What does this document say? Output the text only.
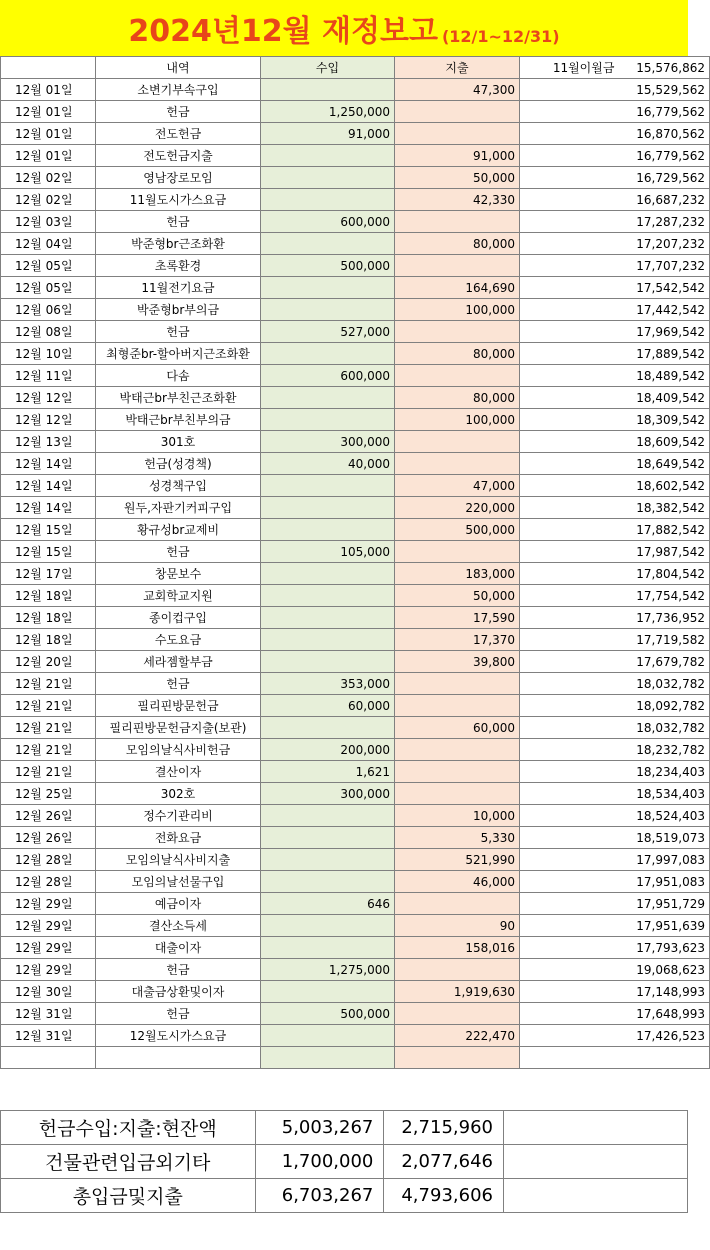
2024년12월 재정보고 (12/1~12/31)
	내역	수입	지출	11월이월금 15,576,862
12월 01일	소변기부속구입		47,300	15,529,562
12월 01일	헌금	1,250,000		16,779,562
12월 01일	전도헌금	91,000		16,870,562
12월 01일	전도헌금지출		91,000	16,779,562
12월 02일	영남장로모임		50,000	16,729,562
12월 02일	11월도시가스요금		42,330	16,687,232
12월 03일	헌금	600,000		17,287,232
12월 04일	박준형br근조화환		80,000	17,207,232
12월 05일	초록환경	500,000		17,707,232
12월 05일	11월전기요금		164,690	17,542,542
12월 06일	박준형br부의금		100,000	17,442,542
12월 08일	헌금	527,000		17,969,542
12월 10일	최형준br-할아버지근조화환		80,000	17,889,542
12월 11일	다솜	600,000		18,489,542
12월 12일	박태근br부친근조화환		80,000	18,409,542
12월 12일	박태근br부친부의금		100,000	18,309,542
12월 13일	301호	300,000		18,609,542
12월 14일	헌금(성경책)	40,000		18,649,542
12월 14일	성경책구입		47,000	18,602,542
12월 14일	원두,자판기커피구입		220,000	18,382,542
12월 15일	황규성br교제비		500,000	17,882,542
12월 15일	헌금	105,000		17,987,542
12월 17일	창문보수		183,000	17,804,542
12월 18일	교회학교지원		50,000	17,754,542
12월 18일	종이컵구입		17,590	17,736,952
12월 18일	수도요금		17,370	17,719,582
12월 20일	세라젬할부금		39,800	17,679,782
12월 21일	헌금	353,000		18,032,782
12월 21일	필리핀방문헌금	60,000		18,092,782
12월 21일	필리핀방문헌금지출(보관)		60,000	18,032,782
12월 21일	모임의날식사비헌금	200,000		18,232,782
12월 21일	결산이자	1,621		18,234,403
12월 25일	302호	300,000		18,534,403
12월 26일	정수기관리비		10,000	18,524,403
12월 26일	전화요금		5,330	18,519,073
12월 28일	모임의날식사비지출		521,990	17,997,083
12월 28일	모임의날선물구입		46,000	17,951,083
12월 29일	예금이자	646		17,951,729
12월 29일	결산소득세		90	17,951,639
12월 29일	대출이자		158,016	17,793,623
12월 29일	헌금	1,275,000		19,068,623
12월 30일	대출금상환및이자		1,919,630	17,148,993
12월 31일	헌금	500,000		17,648,993
12월 31일	12월도시가스요금		222,470	17,426,523

헌금수입:지출:현잔액	5,003,267	2,715,960	
건물관련입금외기타	1,700,000	2,077,646	
총입금및지출	6,703,267	4,793,606	
